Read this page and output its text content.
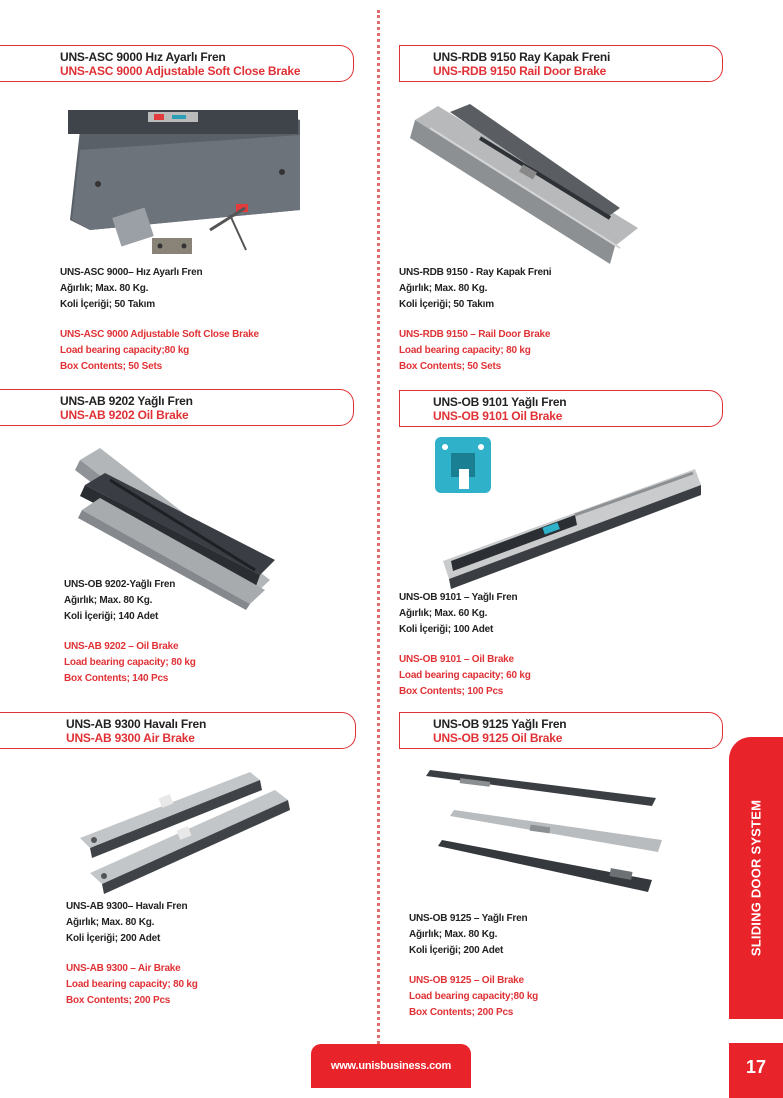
UNS-ASC 9000 Hız Ayarlı Fren
UNS-ASC 9000 Adjustable Soft Close Brake
UNS-ASC 9000– Hız Ayarlı Fren
Ağırlık; Max. 80 Kg.
Koli İçeriği; 50 Takım
UNS-ASC 9000 Adjustable Soft Close Brake
Load bearing capacity;80 kg
Box Contents; 50 Sets
UNS-RDB 9150 Ray Kapak Freni
UNS-RDB 9150 Rail Door Brake
UNS-RDB 9150 - Ray Kapak Freni
Ağırlık; Max. 80 Kg.
Koli İçeriği; 50 Takım
UNS-RDB 9150 – Rail Door Brake
Load bearing capacity; 80 kg
Box Contents; 50 Sets
UNS-AB 9202 Yağlı Fren
UNS-AB 9202 Oil Brake
UNS-OB 9202-Yağlı Fren
Ağırlık; Max. 80 Kg.
Koli İçeriği; 140 Adet
UNS-AB 9202 – Oil Brake
Load bearing capacity; 80 kg
Box Contents; 140 Pcs
UNS-OB 9101 Yağlı Fren
UNS-OB 9101 Oil Brake
UNS-OB 9101 – Yağlı Fren
Ağırlık; Max. 60 Kg.
Koli İçeriği; 100 Adet
UNS-OB 9101 – Oil Brake
Load bearing capacity; 60 kg
Box Contents; 100 Pcs
UNS-AB 9300 Havalı Fren
UNS-AB 9300 Air Brake
UNS-AB 9300– Havalı Fren
Ağırlık; Max. 80 Kg.
Koli İçeriği; 200 Adet
UNS-AB 9300 – Air Brake
Load bearing capacity; 80 kg
Box Contents; 200 Pcs
UNS-OB 9125 Yağlı Fren
UNS-OB 9125 Oil Brake
UNS-OB 9125 – Yağlı Fren
Ağırlık; Max. 80 Kg.
Koli İçeriği; 200 Adet
UNS-OB 9125 – Oil Brake
Load bearing capacity;80 kg
Box Contents; 200 Pcs
SLIDING DOOR SYSTEM
17
www.unisbusiness.com
